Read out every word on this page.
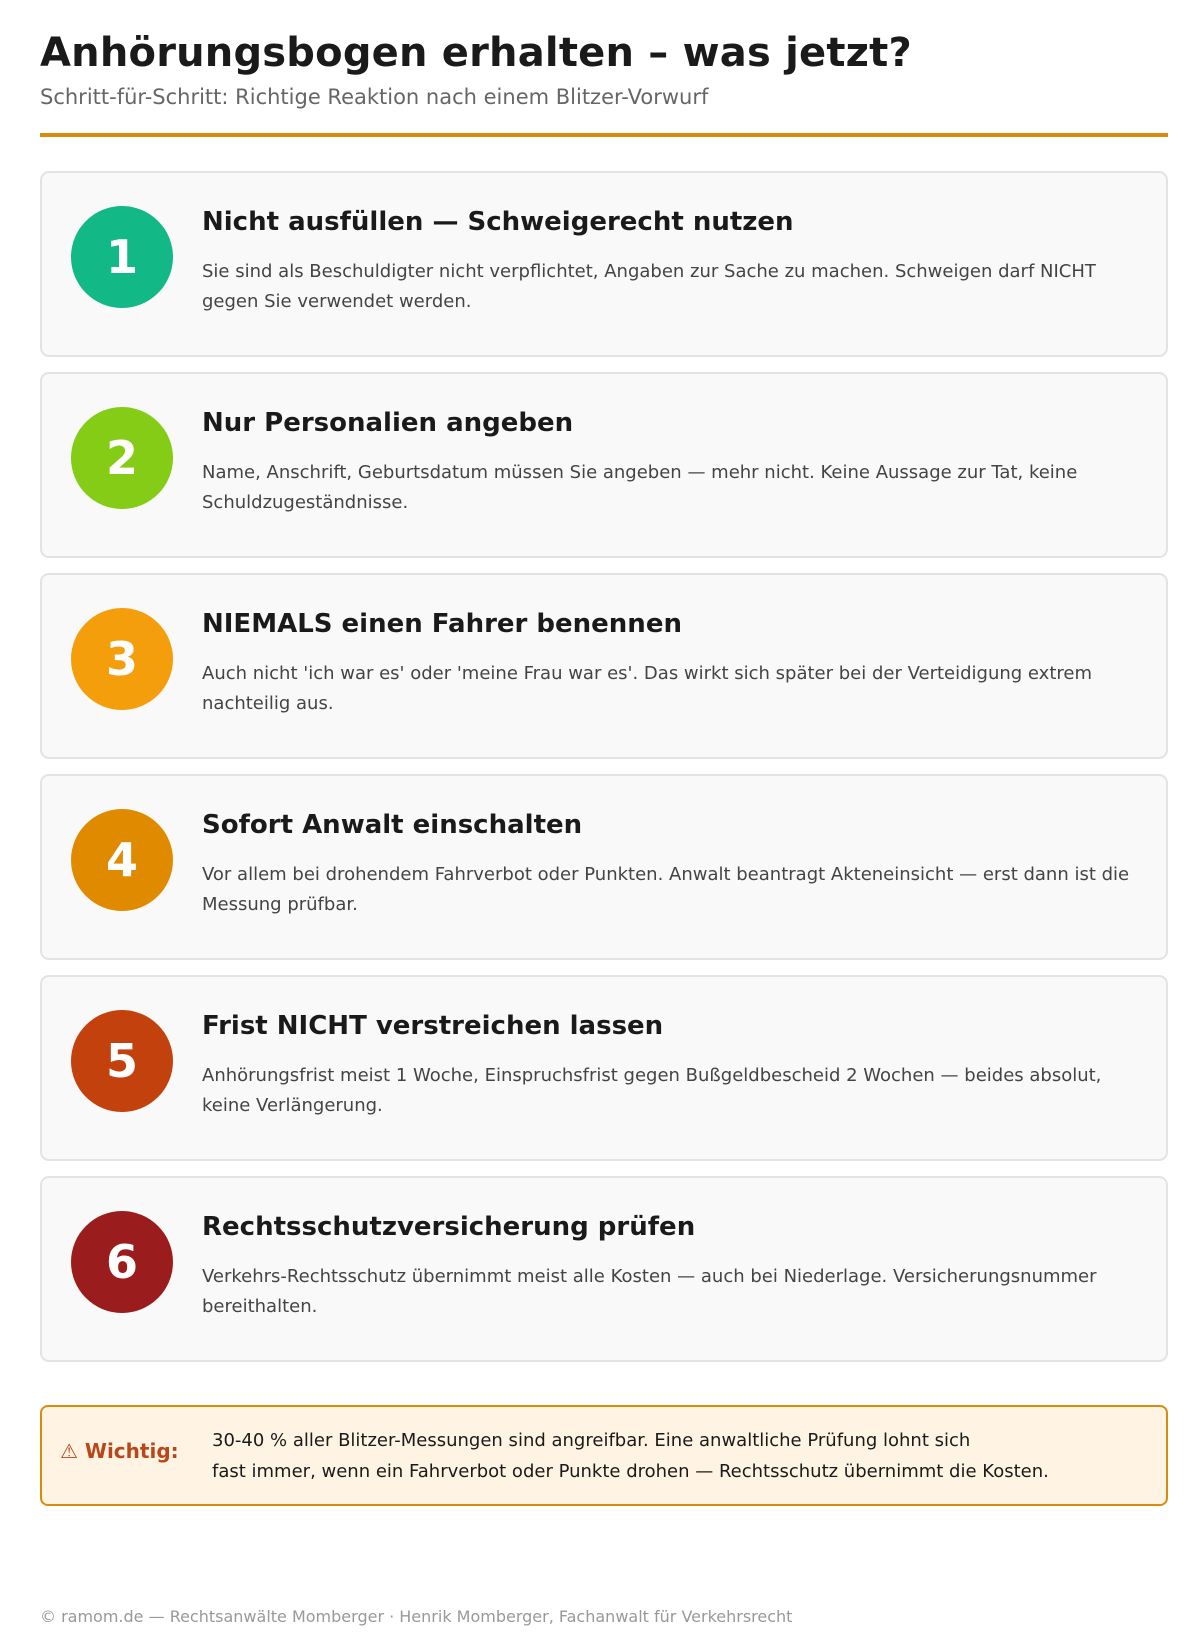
Anhörungsbogen erhalten – was jetzt?
Schritt-für-Schritt: Richtige Reaktion nach einem Blitzer-Vorwurf
1
Nicht ausfüllen — Schweigerecht nutzen

Sie sind als Beschuldigter nicht verpflichtet, Angaben zur Sache zu machen. Schweigen darf NICHT gegen Sie verwendet werden.

2
Nur Personalien angeben

Name, Anschrift, Geburtsdatum müssen Sie angeben — mehr nicht. Keine Aussage zur Tat, keine Schuldzugeständnisse.

3
NIEMALS einen Fahrer benennen

Auch nicht 'ich war es' oder 'meine Frau war es'. Das wirkt sich später bei der Verteidigung extrem nachteilig aus.

4
Sofort Anwalt einschalten

Vor allem bei drohendem Fahrverbot oder Punkten. Anwalt beantragt Akteneinsicht — erst dann ist die Messung prüfbar.

5
Frist NICHT verstreichen lassen

Anhörungsfrist meist 1 Woche, Einspruchsfrist gegen Bußgeldbescheid 2 Wochen — beides absolut, keine Verlängerung.

6
Rechtsschutzversicherung prüfen

Verkehrs-Rechtsschutz übernimmt meist alle Kosten — auch bei Niederlage. Versicherungsnummer bereithalten.

⚠ Wichtig: 30-40 % aller Blitzer-Messungen sind angreifbar. Eine anwaltliche Prüfung lohnt sich
fast immer, wenn ein Fahrverbot oder Punkte drohen — Rechtsschutz übernimmt die Kosten.

© ramom.de — Rechtsanwälte Momberger · Henrik Momberger, Fachanwalt für Verkehrsrecht
